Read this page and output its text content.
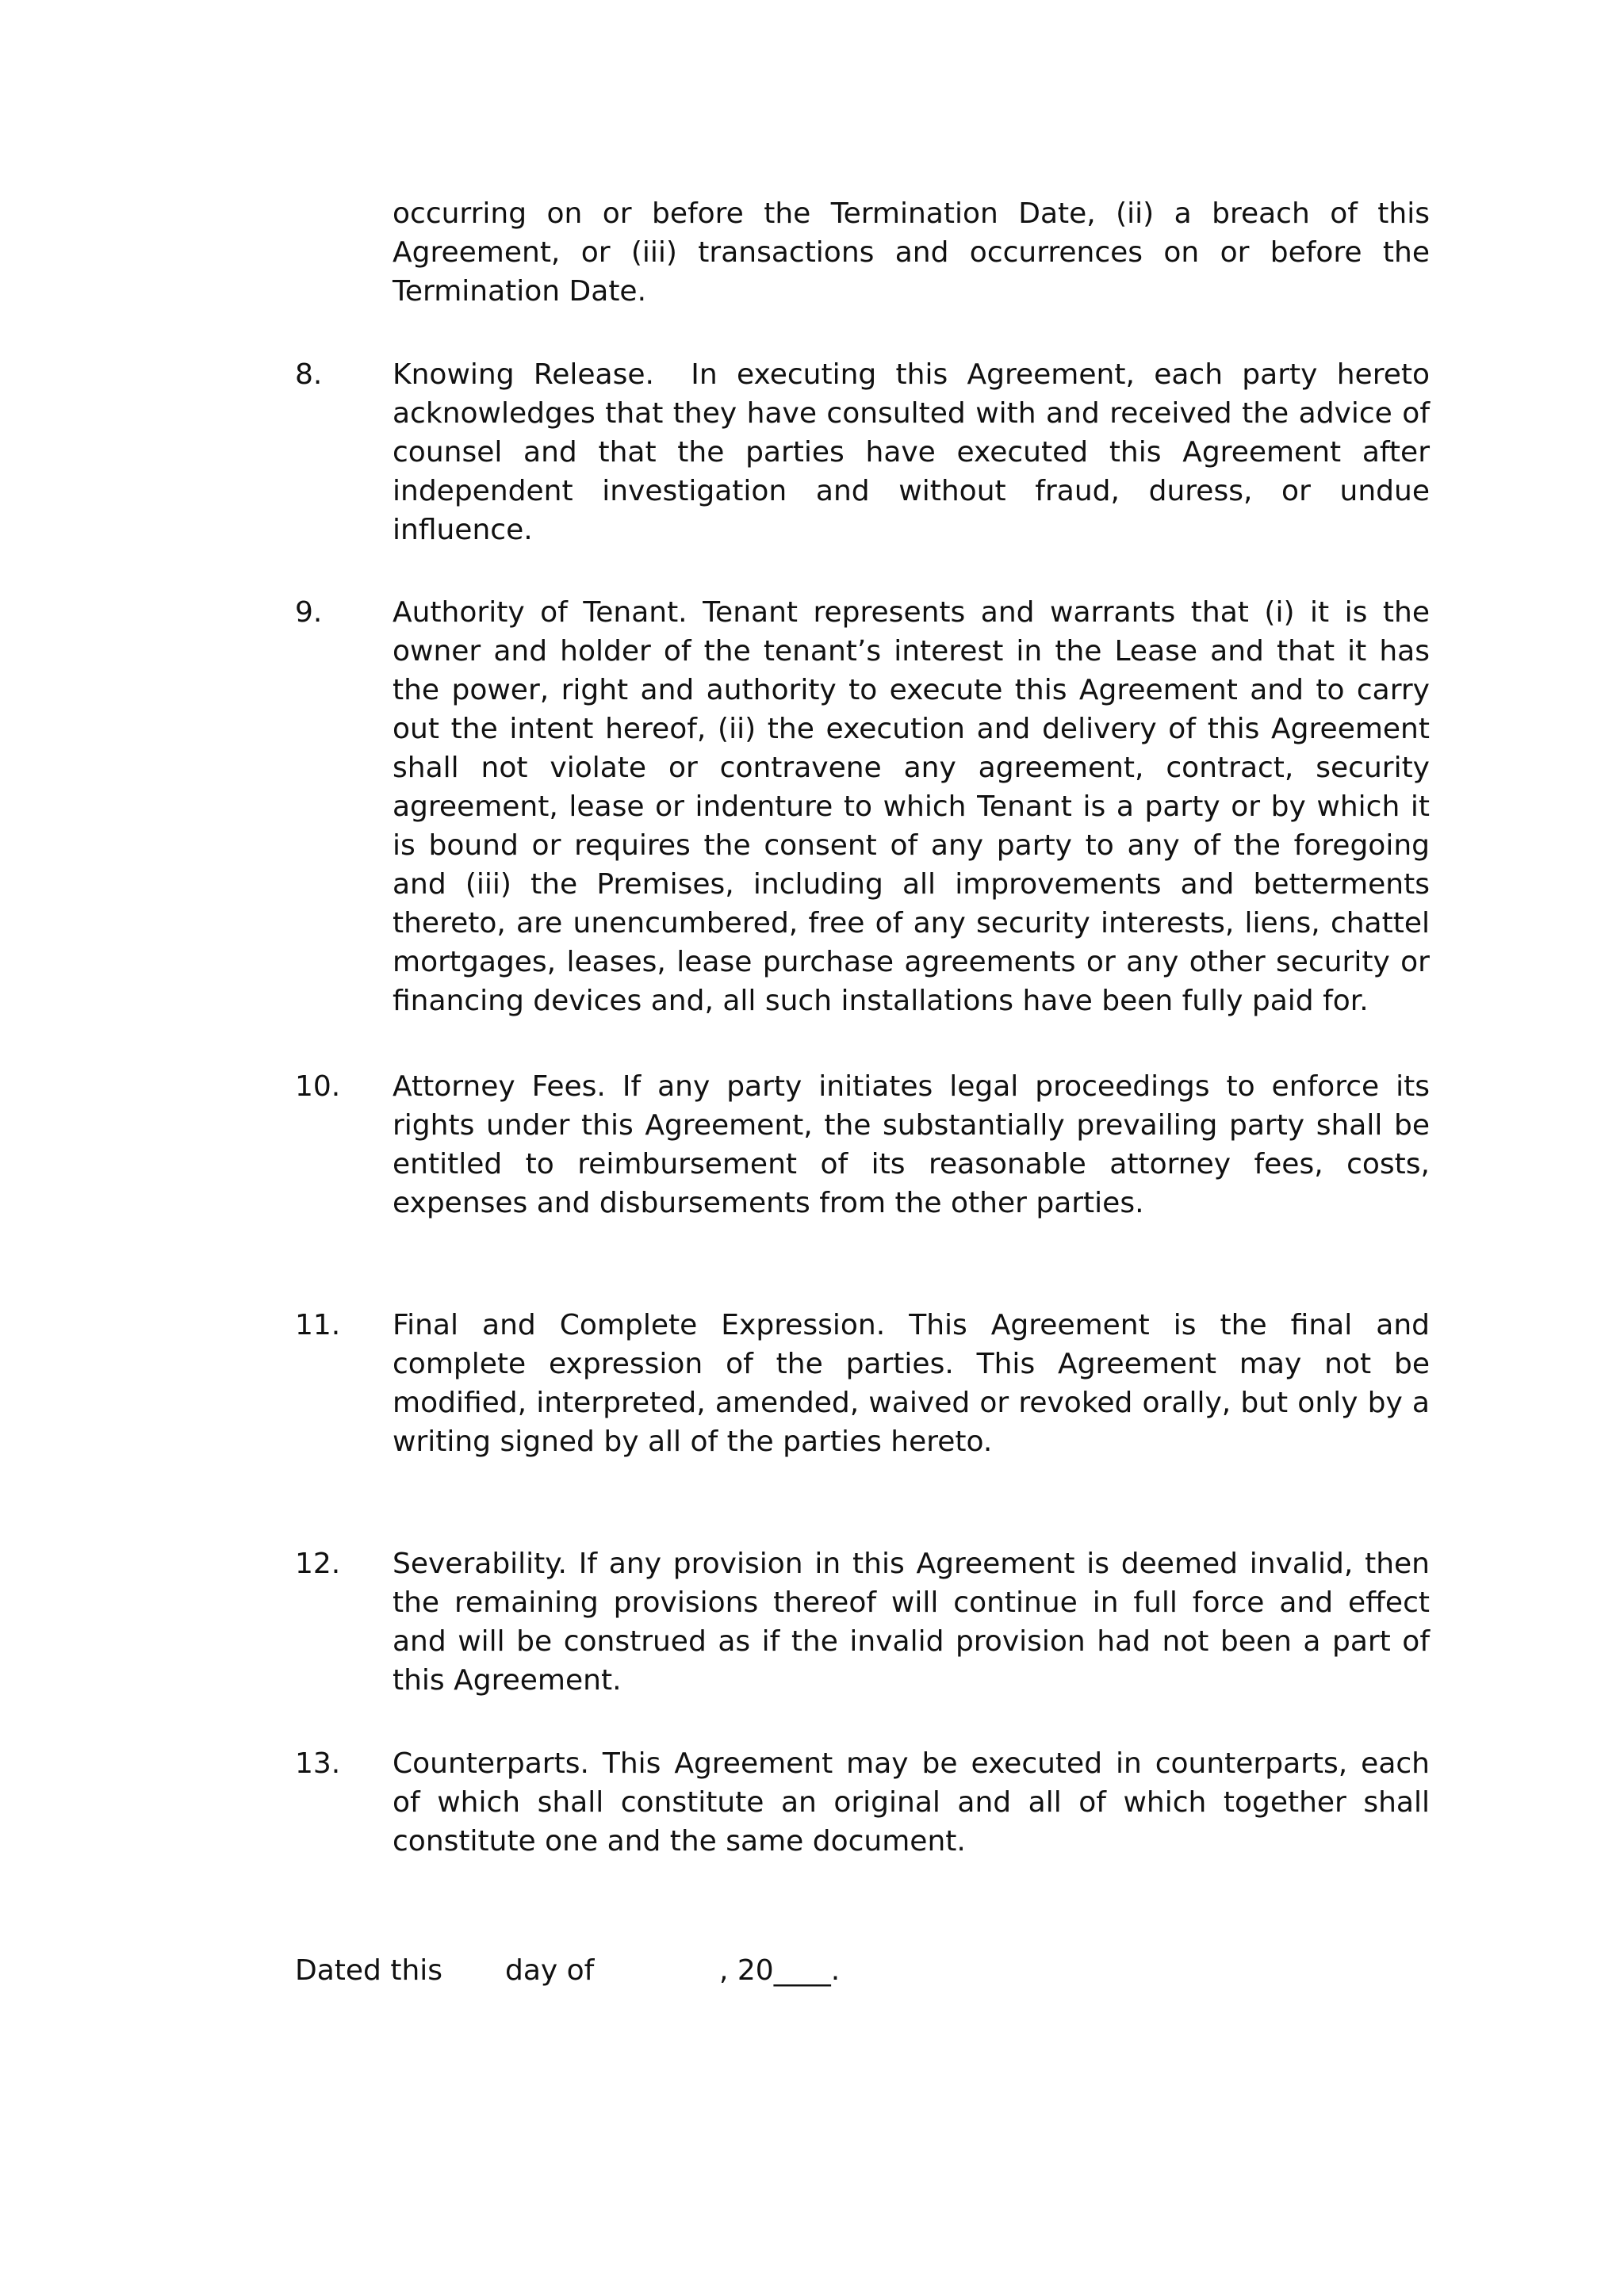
occurring on or before the Termination Date, (ii) a breach of this Agreement, or (iii) transactions and occurrences on or before the Termination Date.
8.	Knowing Release. In executing this Agreement, each party hereto acknowledges that they have consulted with and received the advice of counsel and that the parties have executed this Agreement after independent investigation and without fraud, duress, or undue influence.
9.	Authority of Tenant. Tenant represents and warrants that (i) it is the owner and holder of the tenant’s interest in the Lease and that it has the power, right and authority to execute this Agreement and to carry out the intent hereof, (ii) the execution and delivery of this Agreement shall not violate or contravene any agreement, contract, security agreement, lease or indenture to which Tenant is a party or by which it is bound or requires the consent of any party to any of the foregoing and (iii) the Premises, including all improvements and betterments thereto, are unencumbered, free of any security interests, liens, chattel mortgages, leases, lease purchase agreements or any other security or financing devices and, all such installations have been fully paid for.
10.	Attorney Fees. If any party initiates legal proceedings to enforce its rights under this Agreement, the substantially prevailing party shall be entitled to reimbursement of its reasonable attorney fees, costs, expenses and disbursements from the other parties.
11.	Final and Complete Expression. This Agreement is the final and complete expression of the parties. This Agreement may not be modified, interpreted, amended, waived or revoked orally, but only by a writing signed by all of the parties hereto.
12.	Severability. If any provision in this Agreement is deemed invalid, then the remaining provisions thereof will continue in full force and effect and will be construed as if the invalid provision had not been a part of this Agreement.
13.	Counterparts. This Agreement may be executed in counterparts, each of which shall constitute an original and all of which together shall constitute one and the same document.
Dated this day of	, 20____.
